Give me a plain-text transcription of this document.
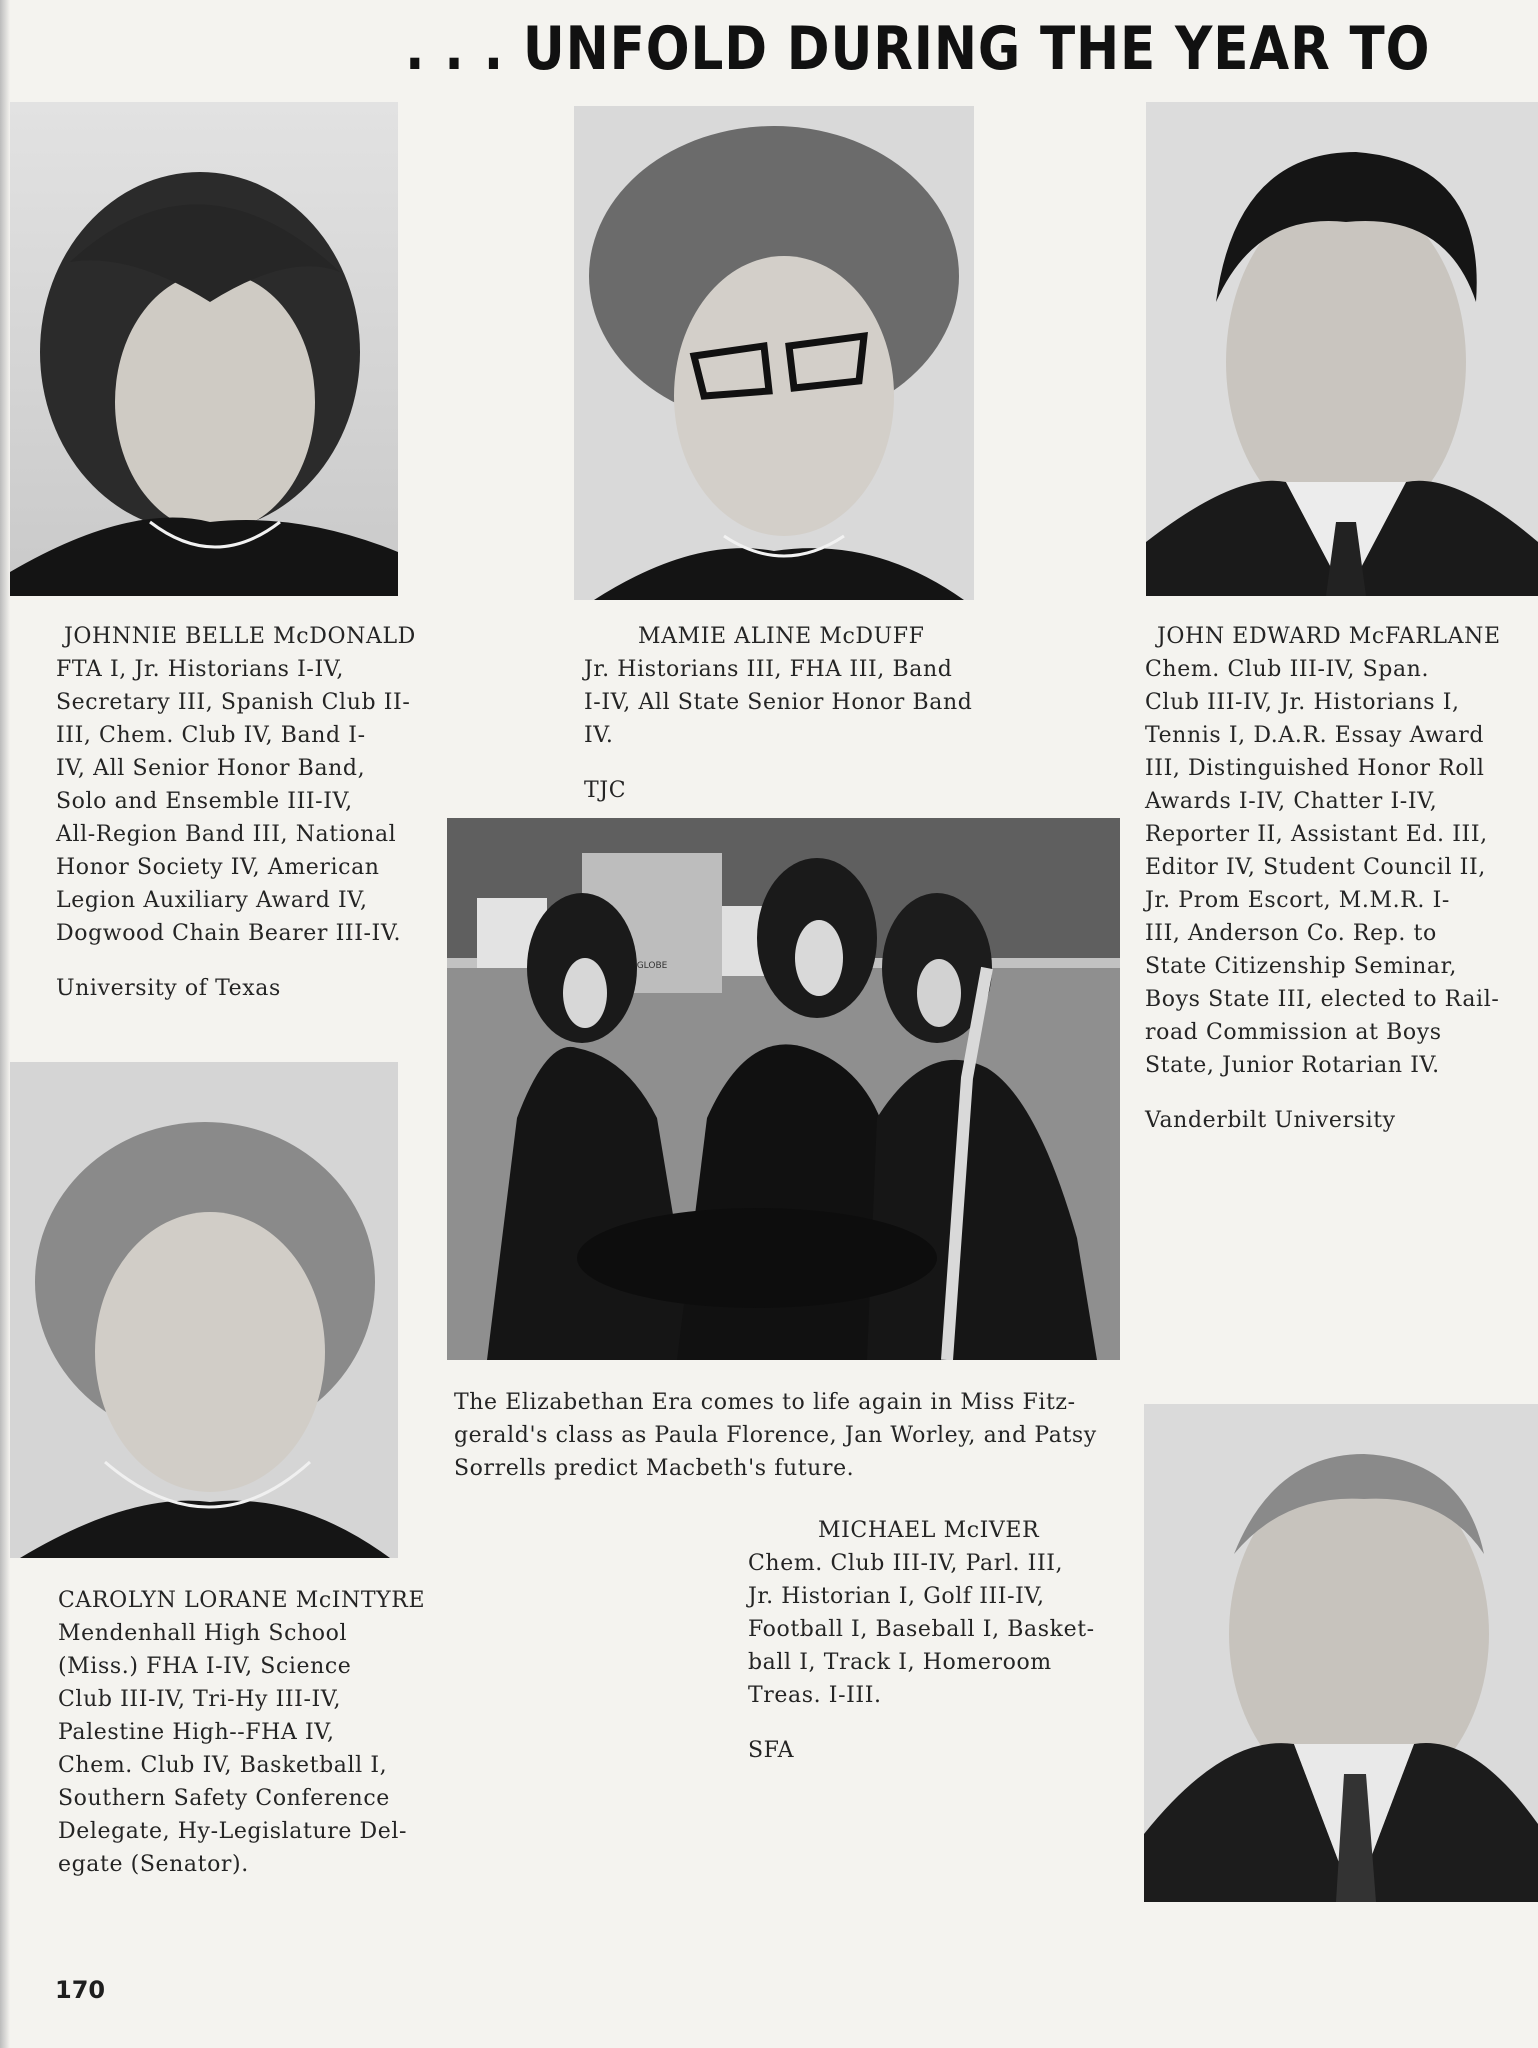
. . . UNFOLD DURING THE YEAR TO
GLOBE
JOHNNIE BELLE McDONALD
FTA I, Jr. Historians I-IV,
Secretary III, Spanish Club II-
III, Chem. Club IV, Band I-
IV, All Senior Honor Band,
Solo and Ensemble III-IV,
All-Region Band III, National
Honor Society IV, American
Legion Auxiliary Award IV,
Dogwood Chain Bearer III-IV.
University of Texas
MAMIE ALINE McDUFF
Jr. Historians III, FHA III, Band
I-IV, All State Senior Honor Band
IV.
TJC
JOHN EDWARD McFARLANE
Chem. Club III-IV, Span.
Club III-IV, Jr. Historians I,
Tennis I, D.A.R. Essay Award
III, Distinguished Honor Roll
Awards I-IV, Chatter I-IV,
Reporter II, Assistant Ed. III,
Editor IV, Student Council II,
Jr. Prom Escort, M.M.R. I-
III, Anderson Co. Rep. to
State Citizenship Seminar,
Boys State III, elected to Rail-
road Commission at Boys
State, Junior Rotarian IV.
Vanderbilt University
CAROLYN LORANE McINTYRE
Mendenhall High School
(Miss.) FHA I-IV, Science
Club III-IV, Tri-Hy III-IV,
Palestine High--FHA IV,
Chem. Club IV, Basketball I,
Southern Safety Conference
Delegate, Hy-Legislature Del-
egate (Senator).
The Elizabethan Era comes to life again in Miss Fitz-
gerald's class as Paula Florence, Jan Worley, and Patsy
Sorrells predict Macbeth's future.
MICHAEL McIVER
Chem. Club III-IV, Parl. III,
Jr. Historian I, Golf III-IV,
Football I, Baseball I, Basket-
ball I, Track I, Homeroom
Treas. I-III.
SFA
170
